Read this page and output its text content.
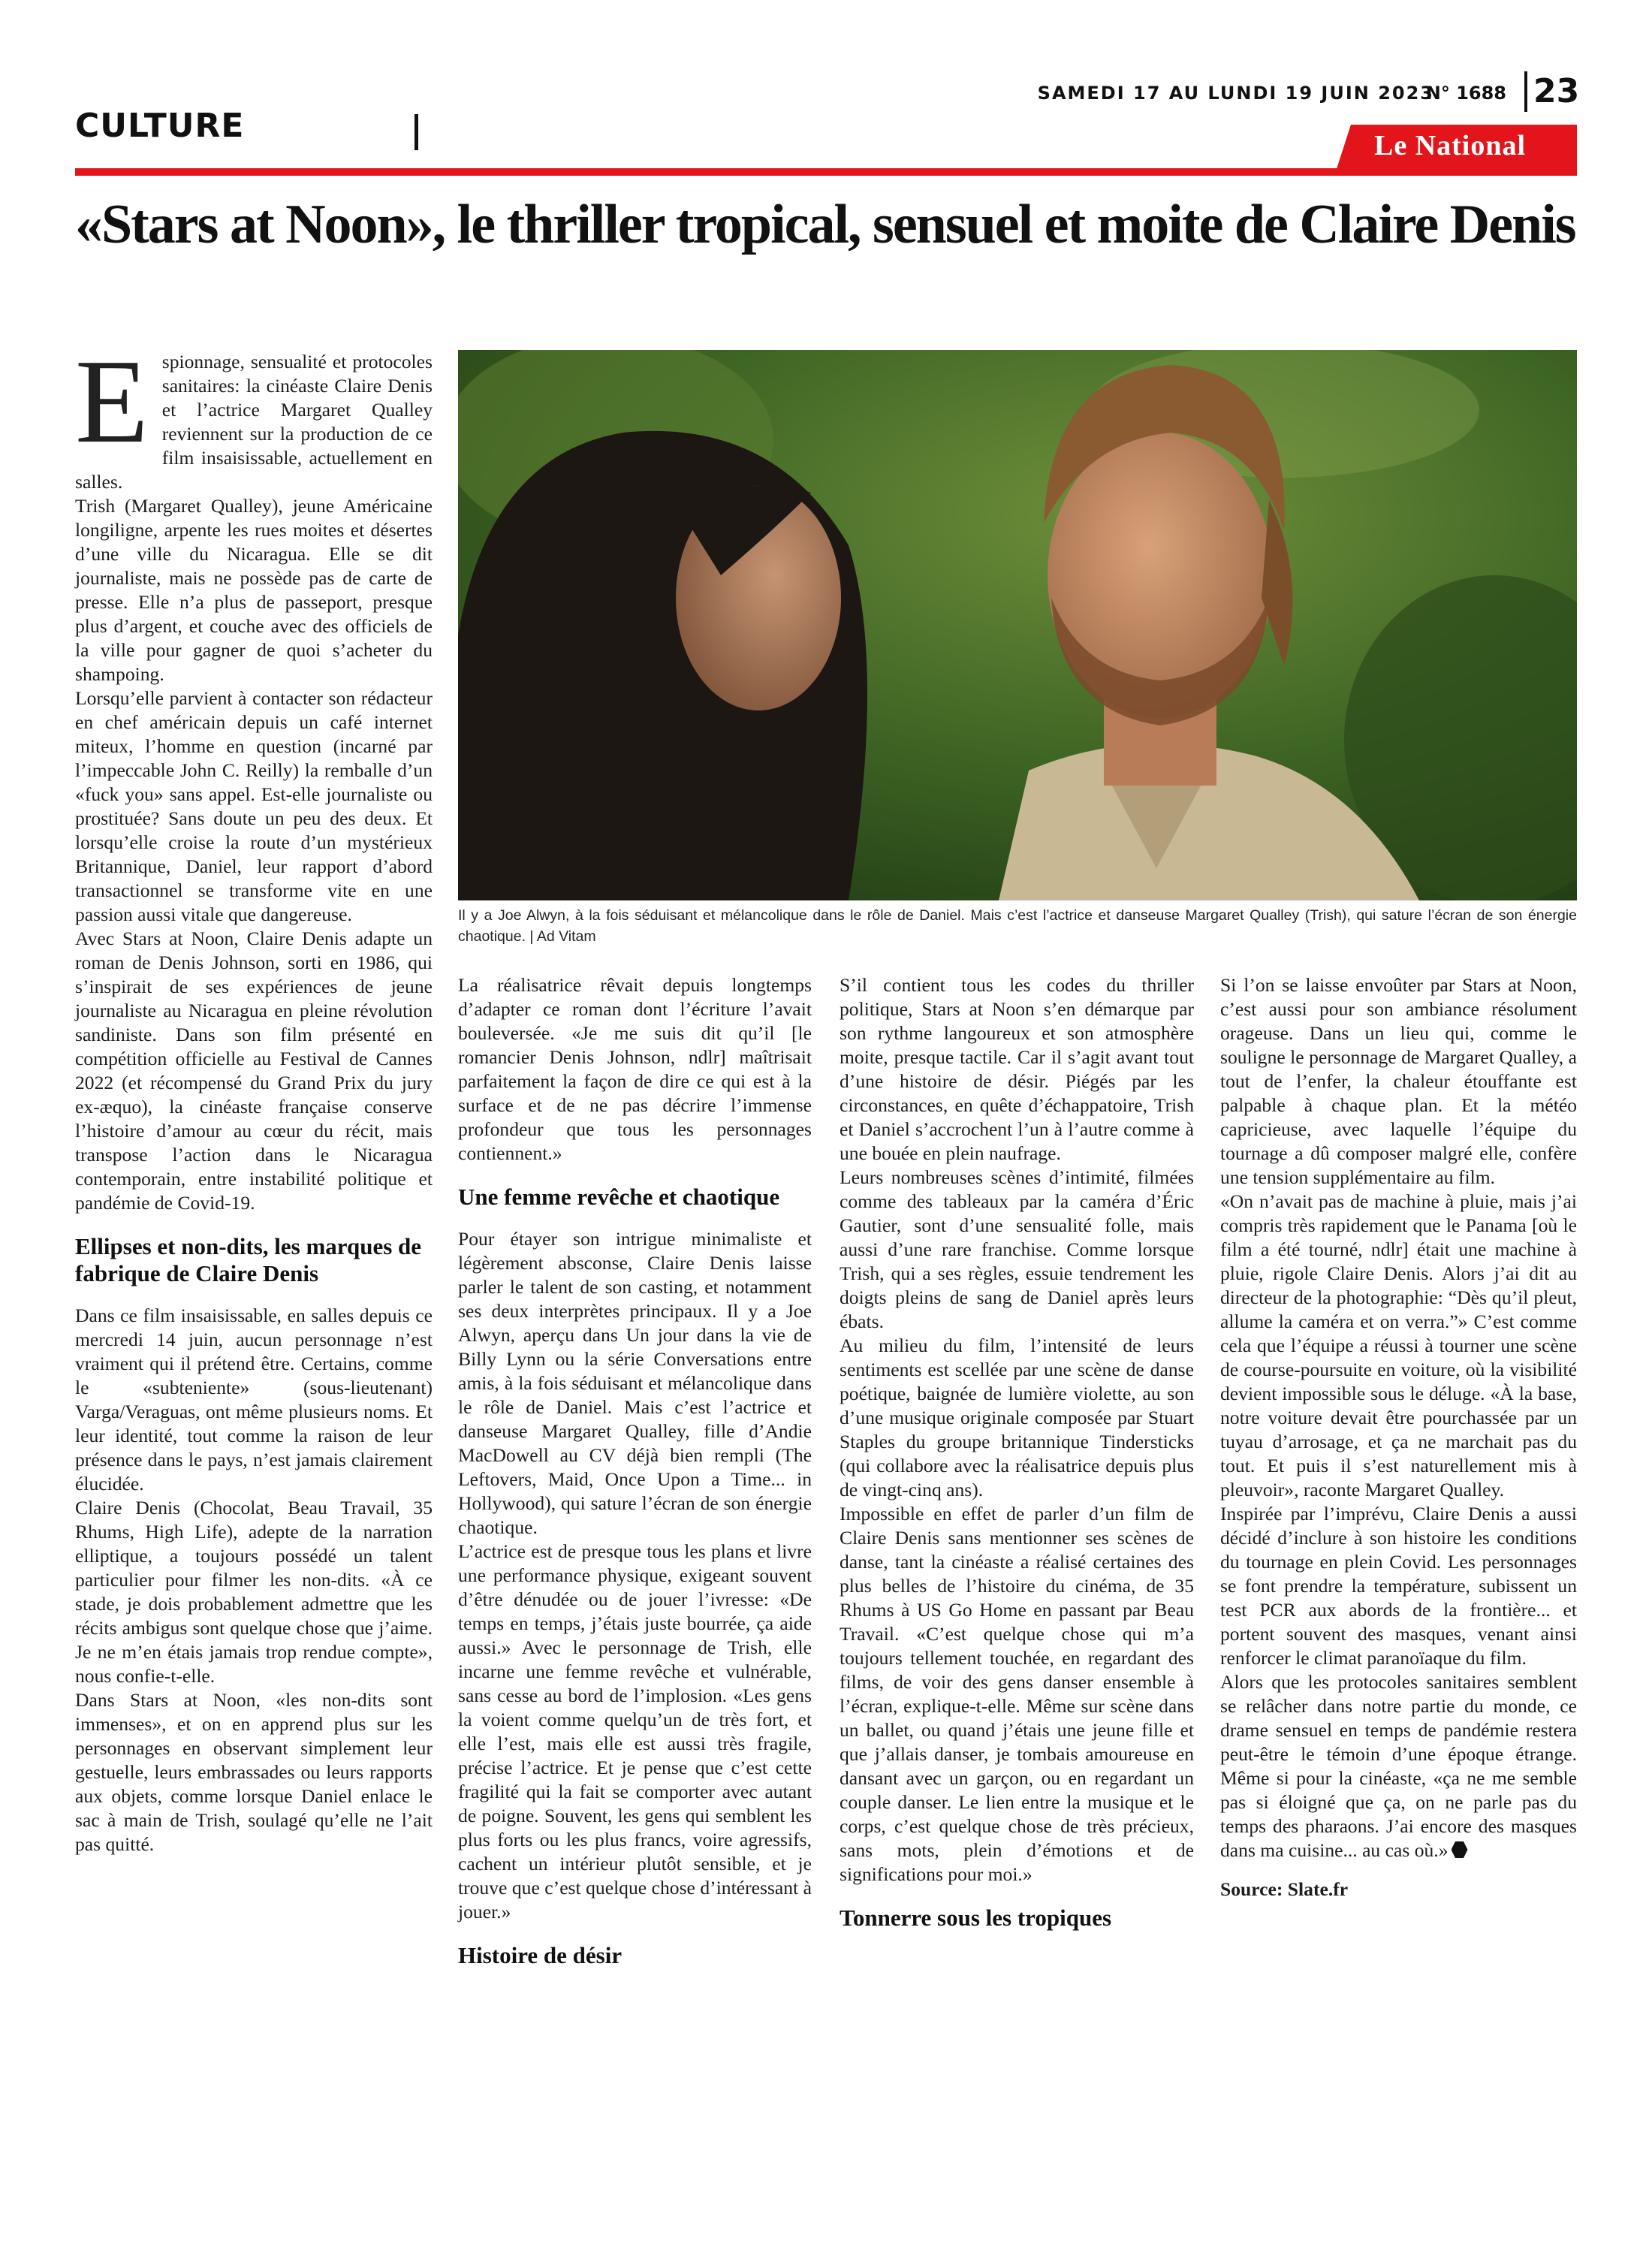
CULTURE
SAMEDI 17 AU LUNDI 19 JUIN 2023
N° 1688 23
Le National
«Stars at Noon», le thriller tropical, sensuel et moite de Claire Denis
Il y a Joe Alwyn, à la fois séduisant et mélancolique dans le rôle de Daniel. Mais c’est l’actrice et danseuse Margaret Qualley (Trish), qui sature l’écran de son énergie chaotique. | Ad Vitam

Espionnage, sensualité et protocoles sanitaires: la cinéaste Claire Denis et l’actrice Margaret Qualley reviennent sur la production de ce film insaisissable, actuellement en salles.

Trish (Margaret Qualley), jeune Américaine longiligne, arpente les rues moites et désertes d’une ville du Nicaragua. Elle se dit journaliste, mais ne possède pas de carte de presse. Elle n’a plus de passeport, presque plus d’argent, et couche avec des officiels de la ville pour gagner de quoi s’acheter du shampoing.

Lorsqu’elle parvient à contacter son rédacteur en chef américain depuis un café internet miteux, l’homme en question (incarné par l’impeccable John C. Reilly) la remballe d’un «fuck you» sans appel. Est-elle journaliste ou prostituée? Sans doute un peu des deux. Et lorsqu’elle croise la route d’un mystérieux Britannique, Daniel, leur rapport d’abord transactionnel se transforme vite en une passion aussi vitale que dangereuse.

Avec Stars at Noon, Claire Denis adapte un roman de Denis Johnson, sorti en 1986, qui s’inspirait de ses expériences de jeune journaliste au Nicaragua en pleine révolution sandiniste. Dans son film présenté en compétition officielle au Festival de Cannes 2022 (et récompensé du Grand Prix du jury ex-æquo), la cinéaste française conserve l’histoire d’amour au cœur du récit, mais transpose l’action dans le Nicaragua contemporain, entre instabilité politique et pandémie de Covid-19.

Ellipses et non-dits, les marques de fabrique de Claire Denis

Dans ce film insaisissable, en salles depuis ce mercredi 14 juin, aucun personnage n’est vraiment qui il prétend être. Certains, comme le «subteniente» (sous-lieutenant) Varga/Veraguas, ont même plusieurs noms. Et leur identité, tout comme la raison de leur présence dans le pays, n’est jamais clairement élucidée.

Claire Denis (Chocolat, Beau Travail, 35 Rhums, High Life), adepte de la narration elliptique, a toujours possédé un talent particulier pour filmer les non-dits. «À ce stade, je dois probablement admettre que les récits ambigus sont quelque chose que j’aime. Je ne m’en étais jamais trop rendue compte», nous confie-t-elle.

Dans Stars at Noon, «les non-dits sont immenses», et on en apprend plus sur les personnages en observant simplement leur gestuelle, leurs embrassades ou leurs rapports aux objets, comme lorsque Daniel enlace le sac à main de Trish, soulagé qu’elle ne l’ait pas quitté.

La réalisatrice rêvait depuis longtemps d’adapter ce roman dont l’écriture l’avait bouleversée. «Je me suis dit qu’il [le romancier Denis Johnson, ndlr] maîtrisait parfaitement la façon de dire ce qui est à la surface et de ne pas décrire l’immense profondeur que tous les personnages contiennent.»

Une femme revêche et chaotique

Pour étayer son intrigue minimaliste et légèrement absconse, Claire Denis laisse parler le talent de son casting, et notamment ses deux interprètes principaux. Il y a Joe Alwyn, aperçu dans Un jour dans la vie de Billy Lynn ou la série Conversations entre amis, à la fois séduisant et mélancolique dans le rôle de Daniel. Mais c’est l’actrice et danseuse Margaret Qualley, fille d’Andie MacDowell au CV déjà bien rempli (The Leftovers, Maid, Once Upon a Time... in Hollywood), qui sature l’écran de son énergie chaotique.

L’actrice est de presque tous les plans et livre une performance physique, exigeant souvent d’être dénudée ou de jouer l’ivresse: «De temps en temps, j’étais juste bourrée, ça aide aussi.» Avec le personnage de Trish, elle incarne une femme revêche et vulnérable, sans cesse au bord de l’implosion. «Les gens la voient comme quelqu’un de très fort, et elle l’est, mais elle est aussi très fragile, précise l’actrice. Et je pense que c’est cette fragilité qui la fait se comporter avec autant de poigne. Souvent, les gens qui semblent les plus forts ou les plus francs, voire agressifs, cachent un intérieur plutôt sensible, et je trouve que c’est quelque chose d’intéressant à jouer.»

Histoire de désir

S’il contient tous les codes du thriller politique, Stars at Noon s’en démarque par son rythme langoureux et son atmosphère moite, presque tactile. Car il s’agit avant tout d’une histoire de désir. Piégés par les circonstances, en quête d’échappatoire, Trish et Daniel s’accrochent l’un à l’autre comme à une bouée en plein naufrage.

Leurs nombreuses scènes d’intimité, filmées comme des tableaux par la caméra d’Éric Gautier, sont d’une sensualité folle, mais aussi d’une rare franchise. Comme lorsque Trish, qui a ses règles, essuie tendrement les doigts pleins de sang de Daniel après leurs ébats.

Au milieu du film, l’intensité de leurs sentiments est scellée par une scène de danse poétique, baignée de lumière violette, au son d’une musique originale composée par Stuart Staples du groupe britannique Tindersticks (qui collabore avec la réalisatrice depuis plus de vingt-cinq ans).

Impossible en effet de parler d’un film de Claire Denis sans mentionner ses scènes de danse, tant la cinéaste a réalisé certaines des plus belles de l’histoire du cinéma, de 35 Rhums à US Go Home en passant par Beau Travail. «C’est quelque chose qui m’a toujours tellement touchée, en regardant des films, de voir des gens danser ensemble à l’écran, explique-t-elle. Même sur scène dans un ballet, ou quand j’étais une jeune fille et que j’allais danser, je tombais amoureuse en dansant avec un garçon, ou en regardant un couple danser. Le lien entre la musique et le corps, c’est quelque chose de très précieux, sans mots, plein d’émotions et de significations pour moi.»

Tonnerre sous les tropiques

Si l’on se laisse envoûter par Stars at Noon, c’est aussi pour son ambiance résolument orageuse. Dans un lieu qui, comme le souligne le personnage de Margaret Qualley, a tout de l’enfer, la chaleur étouffante est palpable à chaque plan. Et la météo capricieuse, avec laquelle l’équipe du tournage a dû composer malgré elle, confère une tension supplémentaire au film.

«On n’avait pas de machine à pluie, mais j’ai compris très rapidement que le Panama [où le film a été tourné, ndlr] était une machine à pluie, rigole Claire Denis. Alors j’ai dit au directeur de la photographie: “Dès qu’il pleut, allume la caméra et on verra.”» C’est comme cela que l’équipe a réussi à tourner une scène de course-poursuite en voiture, où la visibilité devient impossible sous le déluge. «À la base, notre voiture devait être pourchassée par un tuyau d’arrosage, et ça ne marchait pas du tout. Et puis il s’est naturellement mis à pleuvoir», raconte Margaret Qualley.

Inspirée par l’imprévu, Claire Denis a aussi décidé d’inclure à son histoire les conditions du tournage en plein Covid. Les personnages se font prendre la température, subissent un test PCR aux abords de la frontière... et portent souvent des masques, venant ainsi renforcer le climat paranoïaque du film.

Alors que les protocoles sanitaires semblent se relâcher dans notre partie du monde, ce drame sensuel en temps de pandémie restera peut-être le témoin d’une époque étrange. Même si pour la cinéaste, «ça ne me semble pas si éloigné que ça, on ne parle pas du temps des pharaons. J’ai encore des masques dans ma cuisine... au cas où.»

Source: Slate.fr
